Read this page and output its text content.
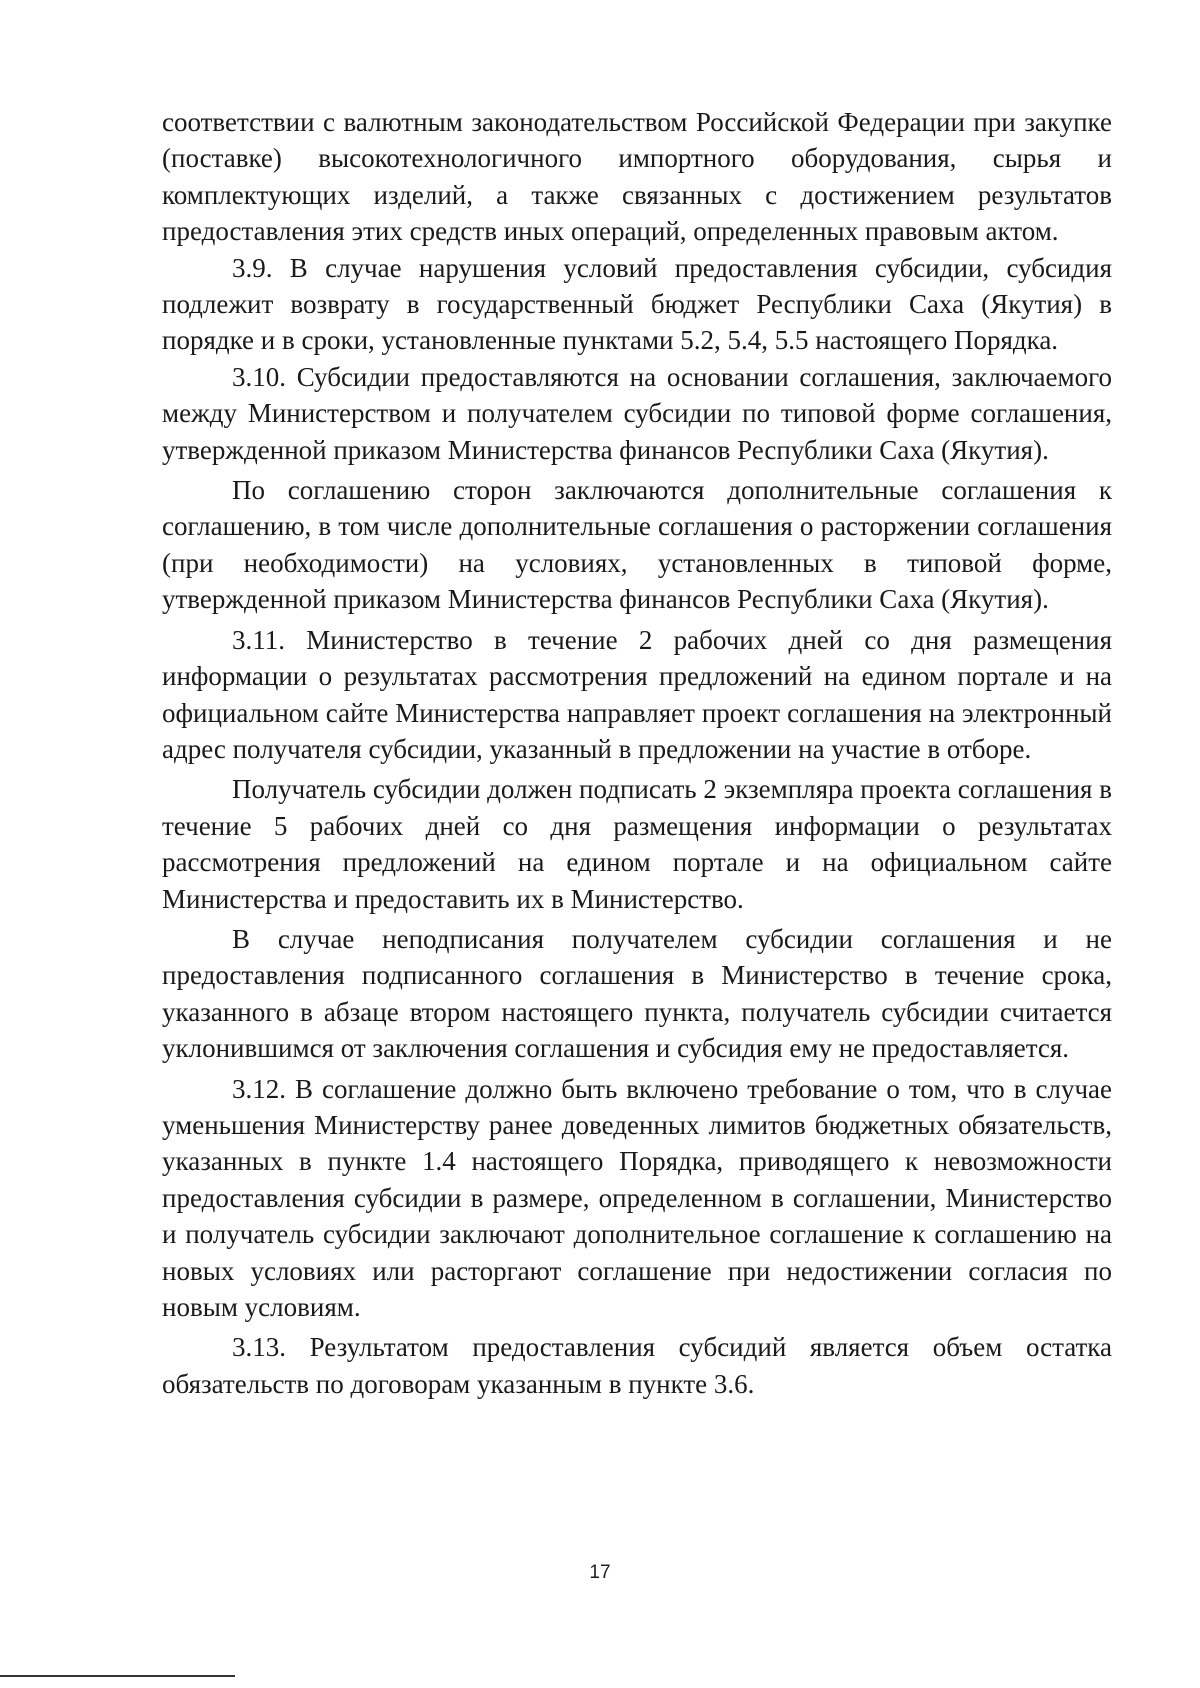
соответствии с валютным законодательством Российской Федерации при закупке (поставке) высокотехнологичного импортного оборудования, сырья и комплектующих изделий, а также связанных с достижением результатов предоставления этих средств иных операций, определенных правовым актом.

3.9. В случае нарушения условий предоставления субсидии, субсидия подлежит возврату в государственный бюджет Республики Саха (Якутия) в порядке и в сроки, установленные пунктами 5.2, 5.4, 5.5 настоящего Порядка.

3.10. Субсидии предоставляются на основании соглашения, заключаемого между Министерством и получателем субсидии по типовой форме соглашения, утвержденной приказом Министерства финансов Республики Саха (Якутия).

По соглашению сторон заключаются дополнительные соглашения к соглашению, в том числе дополнительные соглашения о расторжении соглашения (при необходимости) на условиях, установленных в типовой форме, утвержденной приказом Министерства финансов Республики Саха (Якутия).

3.11. Министерство в течение 2 рабочих дней со дня размещения информации о результатах рассмотрения предложений на едином портале и на официальном сайте Министерства направляет проект соглашения на электронный адрес получателя субсидии, указанный в предложении на участие в отборе.

Получатель субсидии должен подписать 2 экземпляра проекта соглашения в течение 5 рабочих дней со дня размещения информации о результатах рассмотрения предложений на едином портале и на официальном сайте Министерства и предоставить их в Министерство.

В случае неподписания получателем субсидии соглашения и не предоставления подписанного соглашения в Министерство в течение срока, указанного в абзаце втором настоящего пункта, получатель субсидии считается уклонившимся от заключения соглашения и субсидия ему не предоставляется.

3.12. В соглашение должно быть включено требование о том, что в случае уменьшения Министерству ранее доведенных лимитов бюджетных обязательств, указанных в пункте 1.4 настоящего Порядка, приводящего к невозможности предоставления субсидии в размере, определенном в соглашении, Министерство и получатель субсидии заключают дополнительное соглашение к соглашению на новых условиях или расторгают соглашение при недостижении согласия по новым условиям.

3.13. Результатом предоставления субсидий является объем остатка обязательств по договорам указанным в пункте 3.6.

17
